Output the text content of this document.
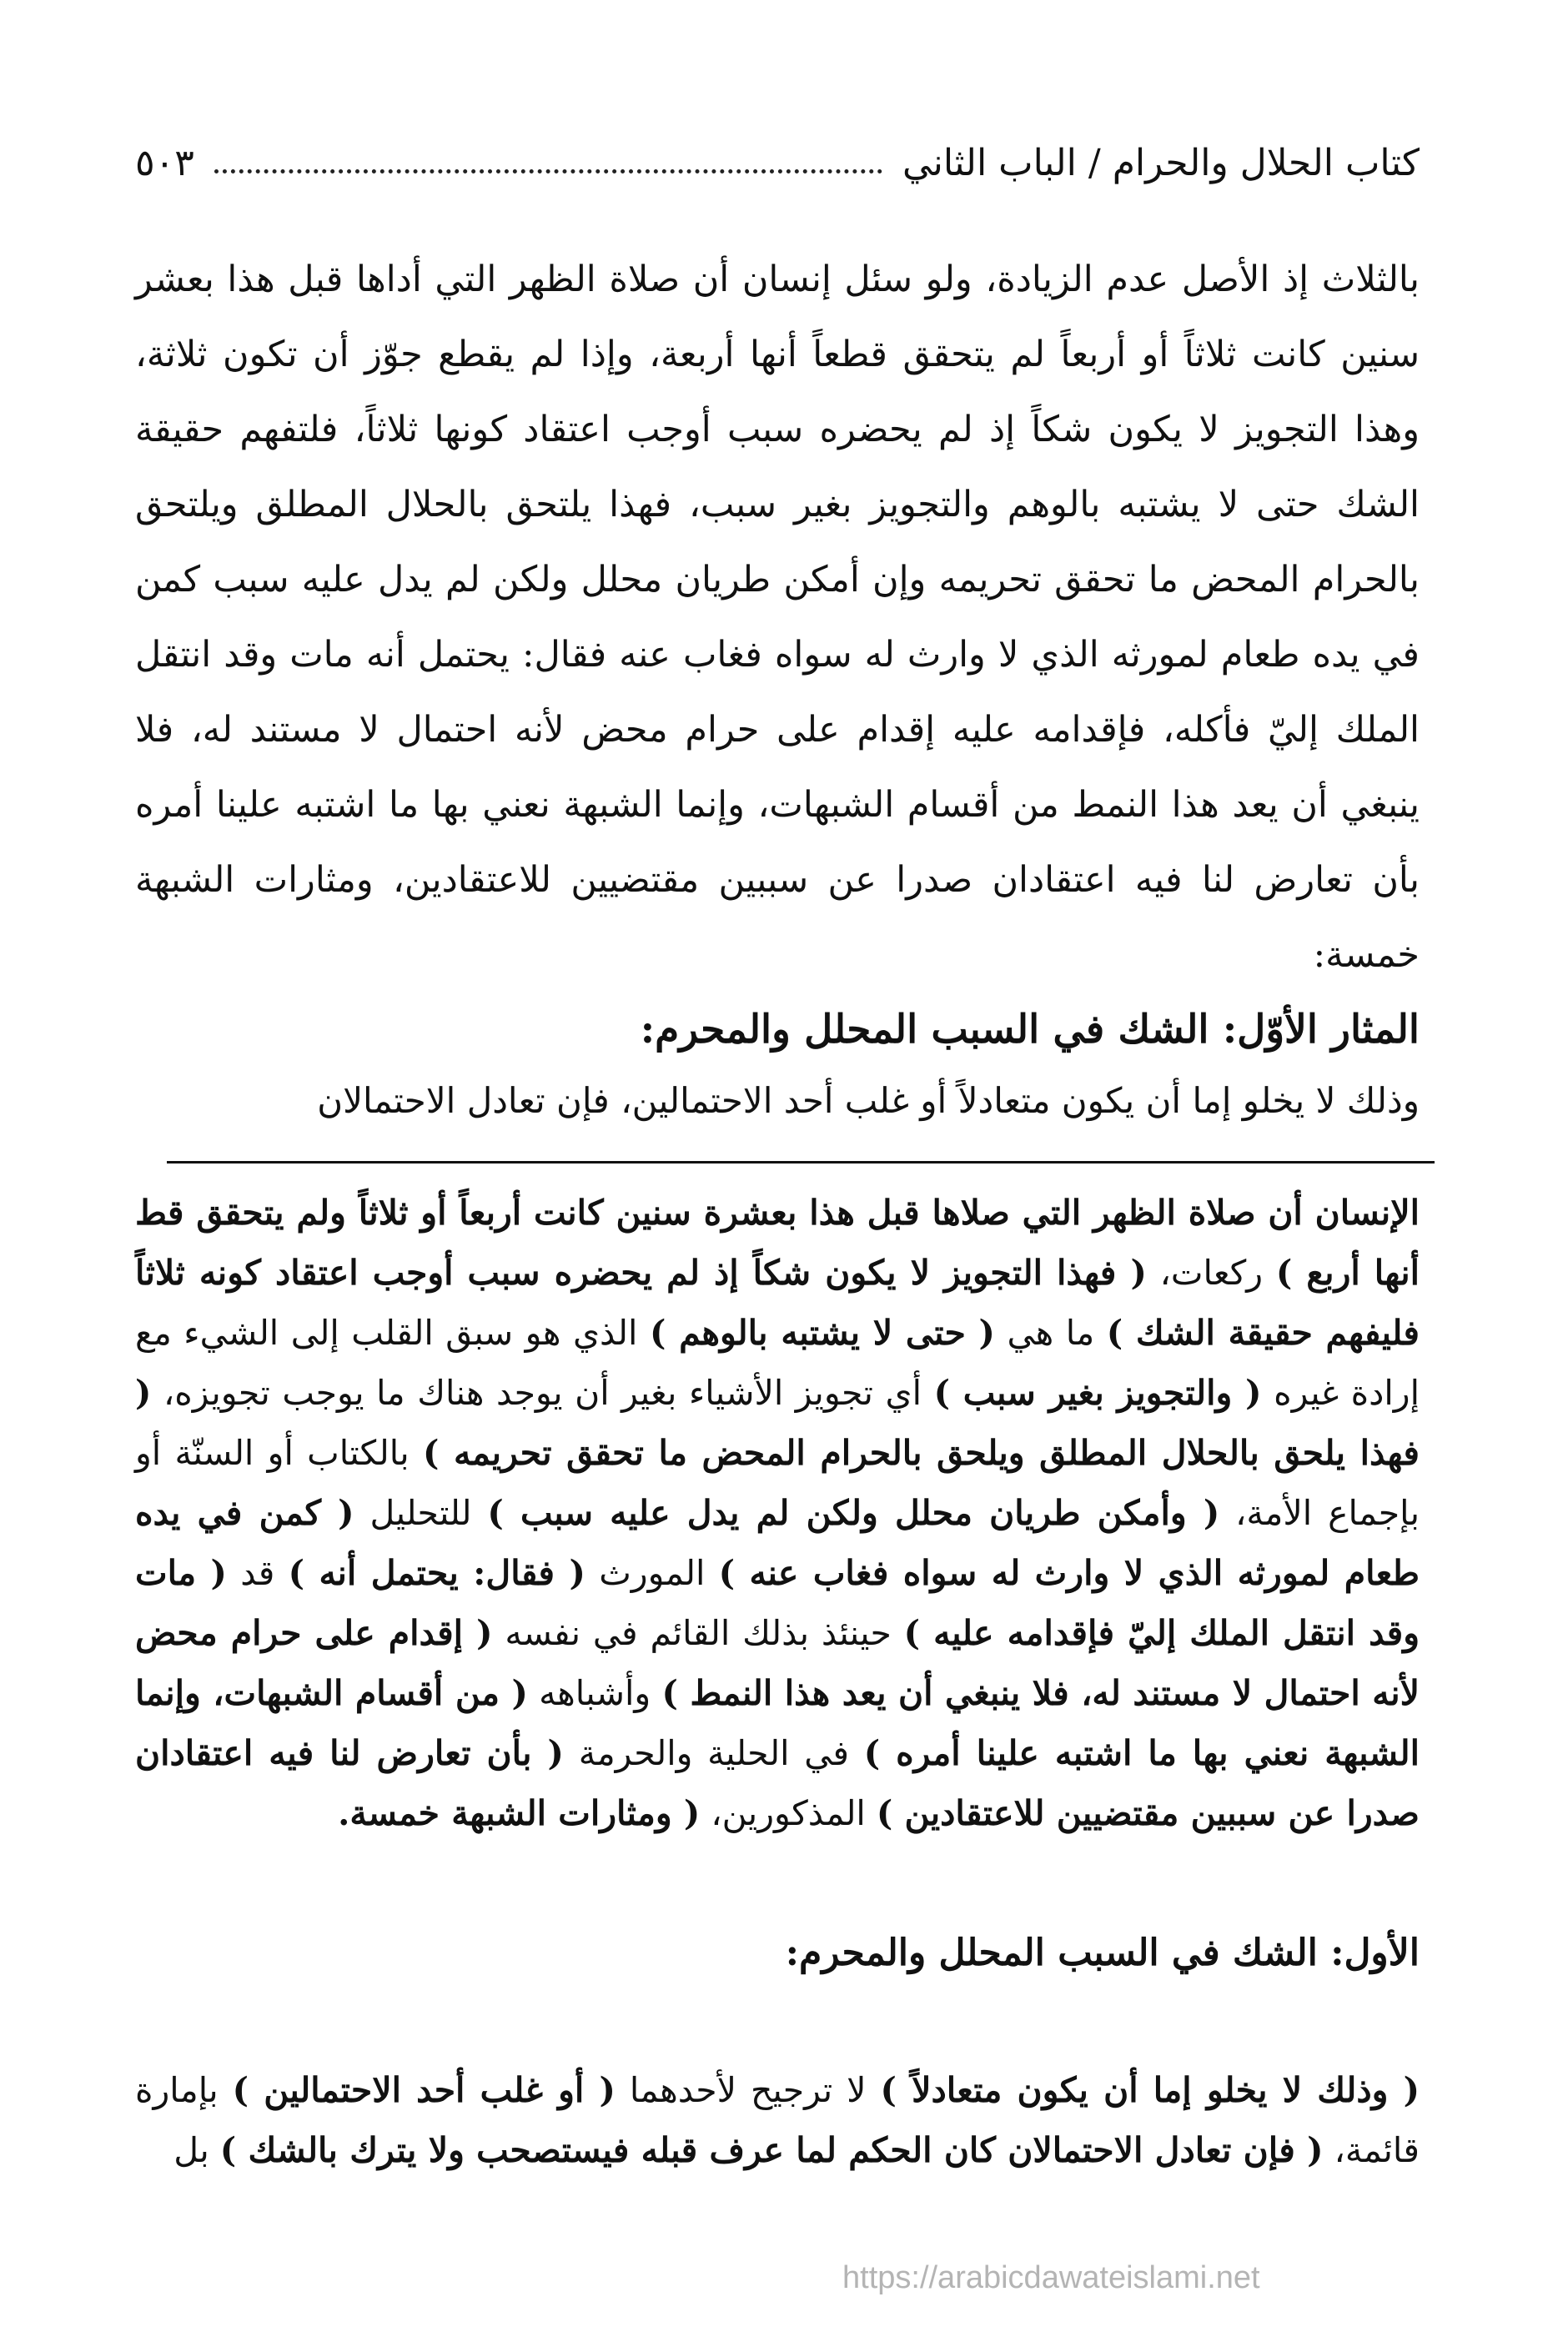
كتاب الحلال والحرام / الباب الثاني
٥٠٣
بالثلاث إذ الأصل عدم الزيادة، ولو سئل إنسان أن صلاة الظهر التي أداها قبل هذا بعشر سنين كانت ثلاثاً أو أربعاً لم يتحقق قطعاً أنها أربعة، وإذا لم يقطع جوّز أن تكون ثلاثة، وهذا التجويز لا يكون شكاً إذ لم يحضره سبب أوجب اعتقاد كونها ثلاثاً، فلتفهم حقيقة الشك حتى لا يشتبه بالوهم والتجويز بغير سبب، فهذا يلتحق بالحلال المطلق ويلتحق بالحرام المحض ما تحقق تحريمه وإن أمكن طريان محلل ولكن لم يدل عليه سبب كمن في يده طعام لمورثه الذي لا وارث له سواه فغاب عنه فقال: يحتمل أنه مات وقد انتقل الملك إليّ فأكله، فإقدامه عليه إقدام على حرام محض لأنه احتمال لا مستند له، فلا ينبغي أن يعد هذا النمط من أقسام الشبهات، وإنما الشبهة نعني بها ما اشتبه علينا أمره بأن تعارض لنا فيه اعتقادان صدرا عن سببين مقتضيين للاعتقادين، ومثارات الشبهة خمسة:
المثار الأوّل: الشك في السبب المحلل والمحرم:
وذلك لا يخلو إما أن يكون متعادلاً أو غلب أحد الاحتمالين، فإن تعادل الاحتمالان
الإنسان أن صلاة الظهر التي صلاها قبل هذا بعشرة سنين كانت أربعاً أو ثلاثاً ولم يتحقق قط أنها أربع ) ركعات، ( فهذا التجويز لا يكون شكاً إذ لم يحضره سبب أوجب اعتقاد كونه ثلاثاً فليفهم حقيقة الشك ) ما هي ( حتى لا يشتبه بالوهم ) الذي هو سبق القلب إلى الشيء مع إرادة غيره ( والتجويز بغير سبب ) أي تجويز الأشياء بغير أن يوجد هناك ما يوجب تجويزه، ( فهذا يلحق بالحلال المطلق ويلحق بالحرام المحض ما تحقق تحريمه ) بالكتاب أو السنّة أو بإجماع الأمة، ( وأمكن طريان محلل ولكن لم يدل عليه سبب ) للتحليل ( كمن في يده طعام لمورثه الذي لا وارث له سواه فغاب عنه ) المورث ( فقال: يحتمل أنه ) قد ( مات وقد انتقل الملك إليّ فإقدامه عليه ) حينئذ بذلك القائم في نفسه ( إقدام على حرام محض لأنه احتمال لا مستند له، فلا ينبغي أن يعد هذا النمط ) وأشباهه ( من أقسام الشبهات، وإنما الشبهة نعني بها ما اشتبه علينا أمره ) في الحلية والحرمة ( بأن تعارض لنا فيه اعتقادان صدرا عن سببين مقتضيين للاعتقادين ) المذكورين، ( ومثارات الشبهة خمسة.
الأول: الشك في السبب المحلل والمحرم:
( وذلك لا يخلو إما أن يكون متعادلاً ) لا ترجيح لأحدهما ( أو غلب أحد الاحتمالين ) بإمارة قائمة، ( فإن تعادل الاحتمالان كان الحكم لما عرف قبله فيستصحب ولا يترك بالشك ) بل
https://arabicdawateislami.net
